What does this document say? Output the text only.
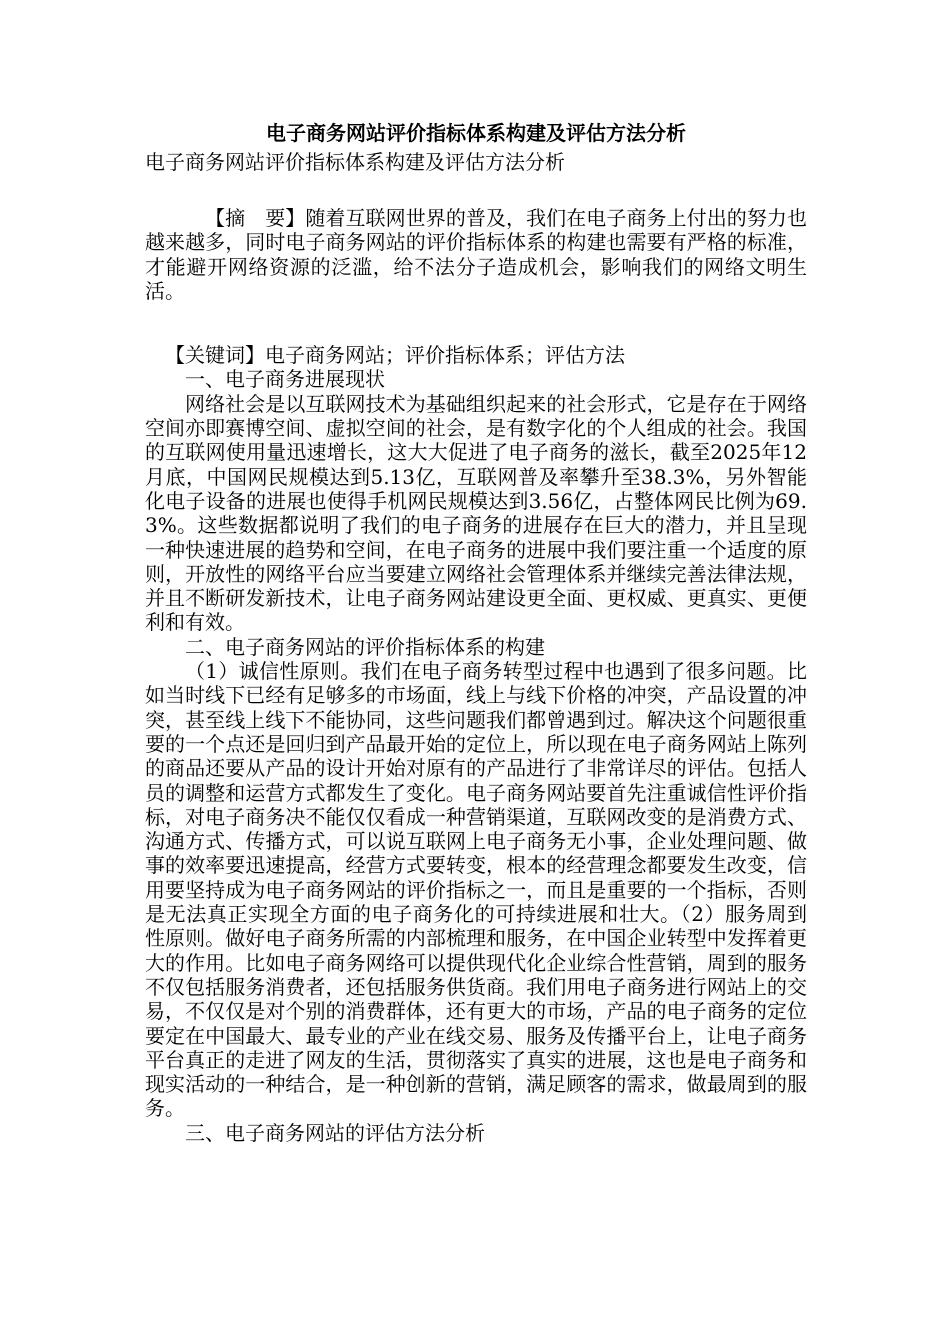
电子商务网站评价指标体系构建及评估方法分析

电子商务网站评价指标体系构建及评估方法分析

【摘　要】随着互联网世界的普及，我们在电子商务上付出的努力也越来越多，同时电子商务网站的评价指标体系的构建也需要有严格的标准，才能避开网络资源的泛滥，给不法分子造成机会，影响我们的网络文明生活。

【关键词】电子商务网站；评价指标体系；评估方法

一、电子商务进展现状

网络社会是以互联网技术为基础组织起来的社会形式，它是存在于网络空间亦即赛博空间、虚拟空间的社会，是有数字化的个人组成的社会。我国的互联网使用量迅速增长，这大大促进了电子商务的滋长，截至2025年12月底，中国网民规模达到5.13亿，互联网普及率攀升至38.3%，另外智能化电子设备的进展也使得手机网民规模达到3.56亿，占整体网民比例为69.3%。这些数据都说明了我们的电子商务的进展存在巨大的潜力，并且呈现一种快速进展的趋势和空间，在电子商务的进展中我们要注重一个适度的原则，开放性的网络平台应当要建立网络社会管理体系并继续完善法律法规，并且不断研发新技术，让电子商务网站建设更全面、更权威、更真实、更便利和有效。

二、电子商务网站的评价指标体系的构建

（1）诚信性原则。我们在电子商务转型过程中也遇到了很多问题。比如当时线下已经有足够多的市场面，线上与线下价格的冲突，产品设置的冲突，甚至线上线下不能协同，这些问题我们都曾遇到过。解决这个问题很重要的一个点还是回归到产品最开始的定位上，所以现在电子商务网站上陈列的商品还要从产品的设计开始对原有的产品进行了非常详尽的评估。包括人员的调整和运营方式都发生了变化。电子商务网站要首先注重诚信性评价指标，对电子商务决不能仅仅看成一种营销渠道，互联网改变的是消费方式、沟通方式、传播方式，可以说互联网上电子商务无小事，企业处理问题、做事的效率要迅速提高，经营方式要转变，根本的经营理念都要发生改变，信用要坚持成为电子商务网站的评价指标之一，而且是重要的一个指标，否则是无法真正实现全方面的电子商务化的可持续进展和壮大。（2）服务周到性原则。做好电子商务所需的内部梳理和服务，在中国企业转型中发挥着更大的作用。比如电子商务网络可以提供现代化企业综合性营销，周到的服务不仅包括服务消费者，还包括服务供货商。我们用电子商务进行网站上的交易，不仅仅是对个别的消费群体，还有更大的市场，产品的电子商务的定位要定在中国最大、最专业的产业在线交易、服务及传播平台上，让电子商务平台真正的走进了网友的生活，贯彻落实了真实的进展，这也是电子商务和现实活动的一种结合，是一种创新的营销，满足顾客的需求，做最周到的服务。

三、电子商务网站的评估方法分析
